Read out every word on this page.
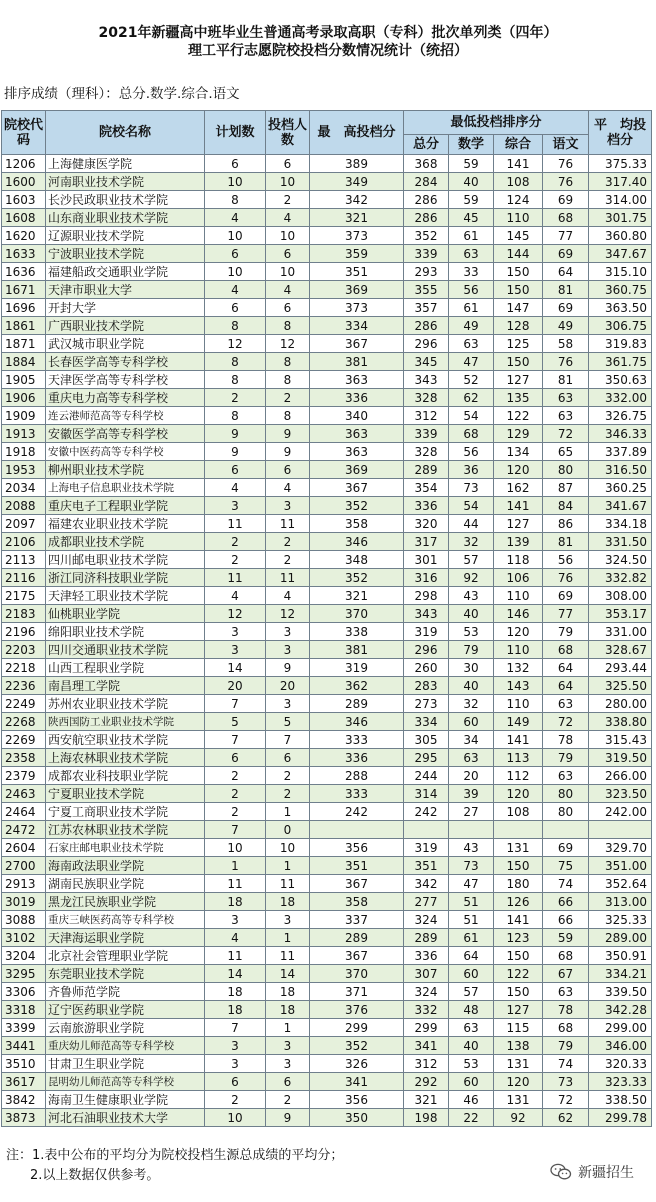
2021年新疆高中班毕业生普通高考录取高职（专科）批次单列类（四年）
理工平行志愿院校投档分数情况统计（统招）
排序成绩（理科）：总分.数学.综合.语文
院校代码	院校名称	计划数	投档人数	最　高投档分	最低投档排序分				平　均投档分
					总分	数学	综合	语文	
1206	上海健康医学院	6	6	389	368	59	141	76	375.33
1600	河南职业技术学院	10	10	349	284	40	108	76	317.40
1603	长沙民政职业技术学院	8	2	342	286	59	124	69	314.00
1608	山东商业职业技术学院	4	4	321	286	45	110	68	301.75
1620	辽源职业技术学院	10	10	373	352	61	145	77	360.80
1633	宁波职业技术学院	6	6	359	339	63	144	69	347.67
1636	福建船政交通职业学院	10	10	351	293	33	150	64	315.10
1671	天津市职业大学	4	4	369	355	56	150	81	360.75
1696	开封大学	6	6	373	357	61	147	69	363.50
1861	广西职业技术学院	8	8	334	286	49	128	49	306.75
1871	武汉城市职业学院	12	12	367	296	63	125	58	319.83
1884	长春医学高等专科学校	8	8	381	345	47	150	76	361.75
1905	天津医学高等专科学校	8	8	363	343	52	127	81	350.63
1906	重庆电力高等专科学校	2	2	336	328	62	135	63	332.00
1909	连云港师范高等专科学校	8	8	340	312	54	122	63	326.75
1913	安徽医学高等专科学校	9	9	363	339	68	129	72	346.33
1918	安徽中医药高等专科学校	9	9	363	328	56	134	65	337.89
1953	柳州职业技术学院	6	6	369	289	36	120	80	316.50
2034	上海电子信息职业技术学院	4	4	367	354	73	162	87	360.25
2088	重庆电子工程职业学院	3	3	352	336	54	141	84	341.67
2097	福建农业职业技术学院	11	11	358	320	44	127	86	334.18
2106	成都职业技术学院	2	2	346	317	32	139	81	331.50
2113	四川邮电职业技术学院	2	2	348	301	57	118	56	324.50
2116	浙江同济科技职业学院	11	11	352	316	92	106	76	332.82
2175	天津轻工职业技术学院	4	4	321	298	43	110	69	308.00
2183	仙桃职业学院	12	12	370	343	40	146	77	353.17
2196	绵阳职业技术学院	3	3	338	319	53	120	79	331.00
2203	四川交通职业技术学院	3	3	381	296	79	110	68	328.67
2218	山西工程职业学院	14	9	319	260	30	132	64	293.44
2236	南昌理工学院	20	20	362	283	40	143	64	325.50
2249	苏州农业职业技术学院	7	3	289	273	32	110	63	280.00
2268	陕西国防工业职业技术学院	5	5	346	334	60	149	72	338.80
2269	西安航空职业技术学院	7	7	333	305	34	141	78	315.43
2358	上海农林职业技术学院	6	6	336	295	63	113	79	319.50
2379	成都农业科技职业学院	2	2	288	244	20	112	63	266.00
2463	宁夏职业技术学院	2	2	333	314	39	120	80	323.50
2464	宁夏工商职业技术学院	2	1	242	242	27	108	80	242.00
2472	江苏农林职业技术学院	7	0						
2604	石家庄邮电职业技术学院	10	10	356	319	43	131	69	329.70
2700	海南政法职业学院	1	1	351	351	73	150	75	351.00
2913	湖南民族职业学院	11	11	367	342	47	180	74	352.64
3019	黑龙江民族职业学院	18	18	358	277	51	126	66	313.00
3088	重庆三峡医药高等专科学校	3	3	337	324	51	141	66	325.33
3102	天津海运职业学院	4	1	289	289	61	123	59	289.00
3204	北京社会管理职业学院	11	11	367	336	64	150	68	350.91
3295	东莞职业技术学院	14	14	370	307	60	122	67	334.21
3306	齐鲁师范学院	18	18	371	324	57	150	63	339.50
3318	辽宁医药职业学院	18	18	376	332	48	127	78	342.28
3399	云南旅游职业学院	7	1	299	299	63	115	68	299.00
3441	重庆幼儿师范高等专科学校	3	3	352	341	40	138	79	346.00
3510	甘肃卫生职业学院	3	3	326	312	53	131	74	320.33
3617	昆明幼儿师范高等专科学校	6	6	341	292	60	120	73	323.33
3842	海南卫生健康职业学院	2	2	356	321	46	131	72	338.50
3873	河北石油职业技术大学	10	9	350	198	22	92	62	299.78
注：1.表中公布的平均分为院校投档生源总成绩的平均分；
2.以上数据仅供参考。	新疆招生
